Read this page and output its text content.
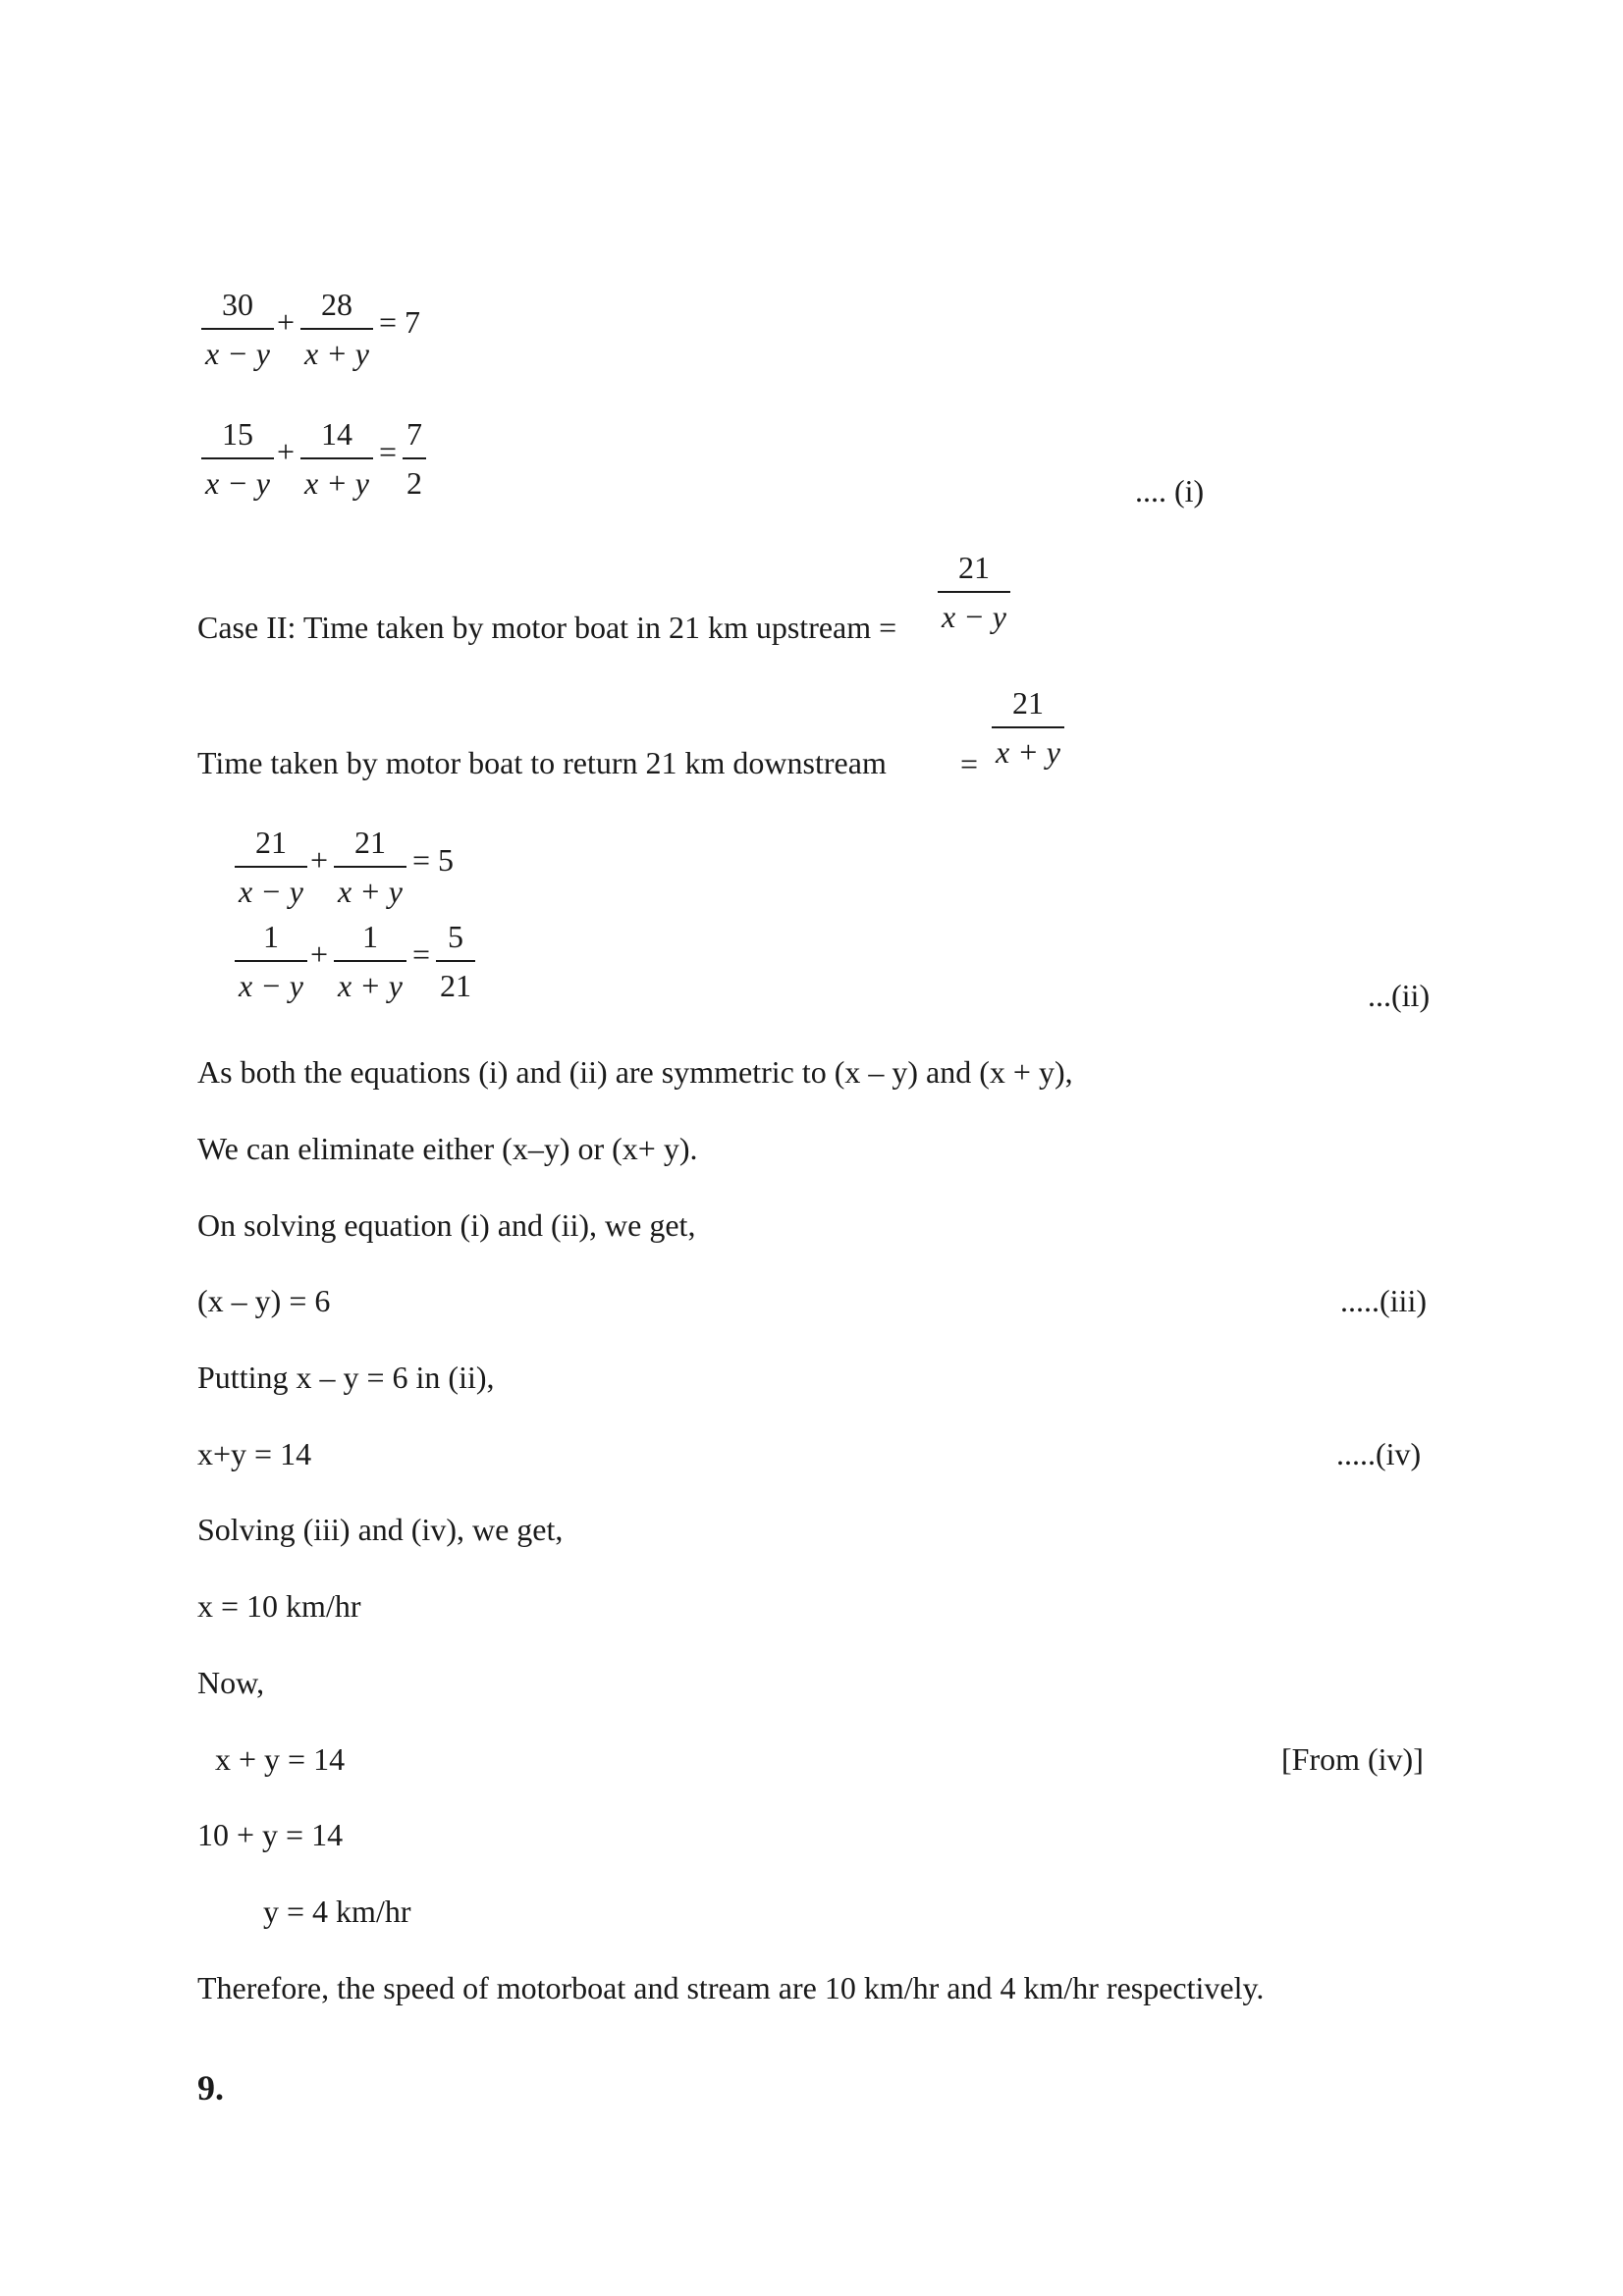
30
x − y
+ 28
x + y
= 7
15
x − y
+ 14
x + y
= 7
2	.... (i)
Case II: Time taken by motor boat in 21 km upstream =
21
x − y
Time taken by motor boat to return 21 km downstream =
21
x + y
21
x − y
+ 21
x + y
= 5
1
x − y
+ 1
x + y
= 5
21	...(ii)
As both the equations (i) and (ii) are symmetric to (x – y) and (x + y),
We can eliminate either (x–y) or (x+ y).
On solving equation (i) and (ii), we get,
(x – y) = 6	.....(iii)
Putting x – y = 6 in (ii),
x+y = 14	.....(iv)
Solving (iii) and (iv), we get,
x = 10 km/hr
Now,
x + y = 14	[From (iv)]
10 + y = 14
y = 4 km/hr
Therefore, the speed of motorboat and stream are 10 km/hr and 4 km/hr respectively.
9.
